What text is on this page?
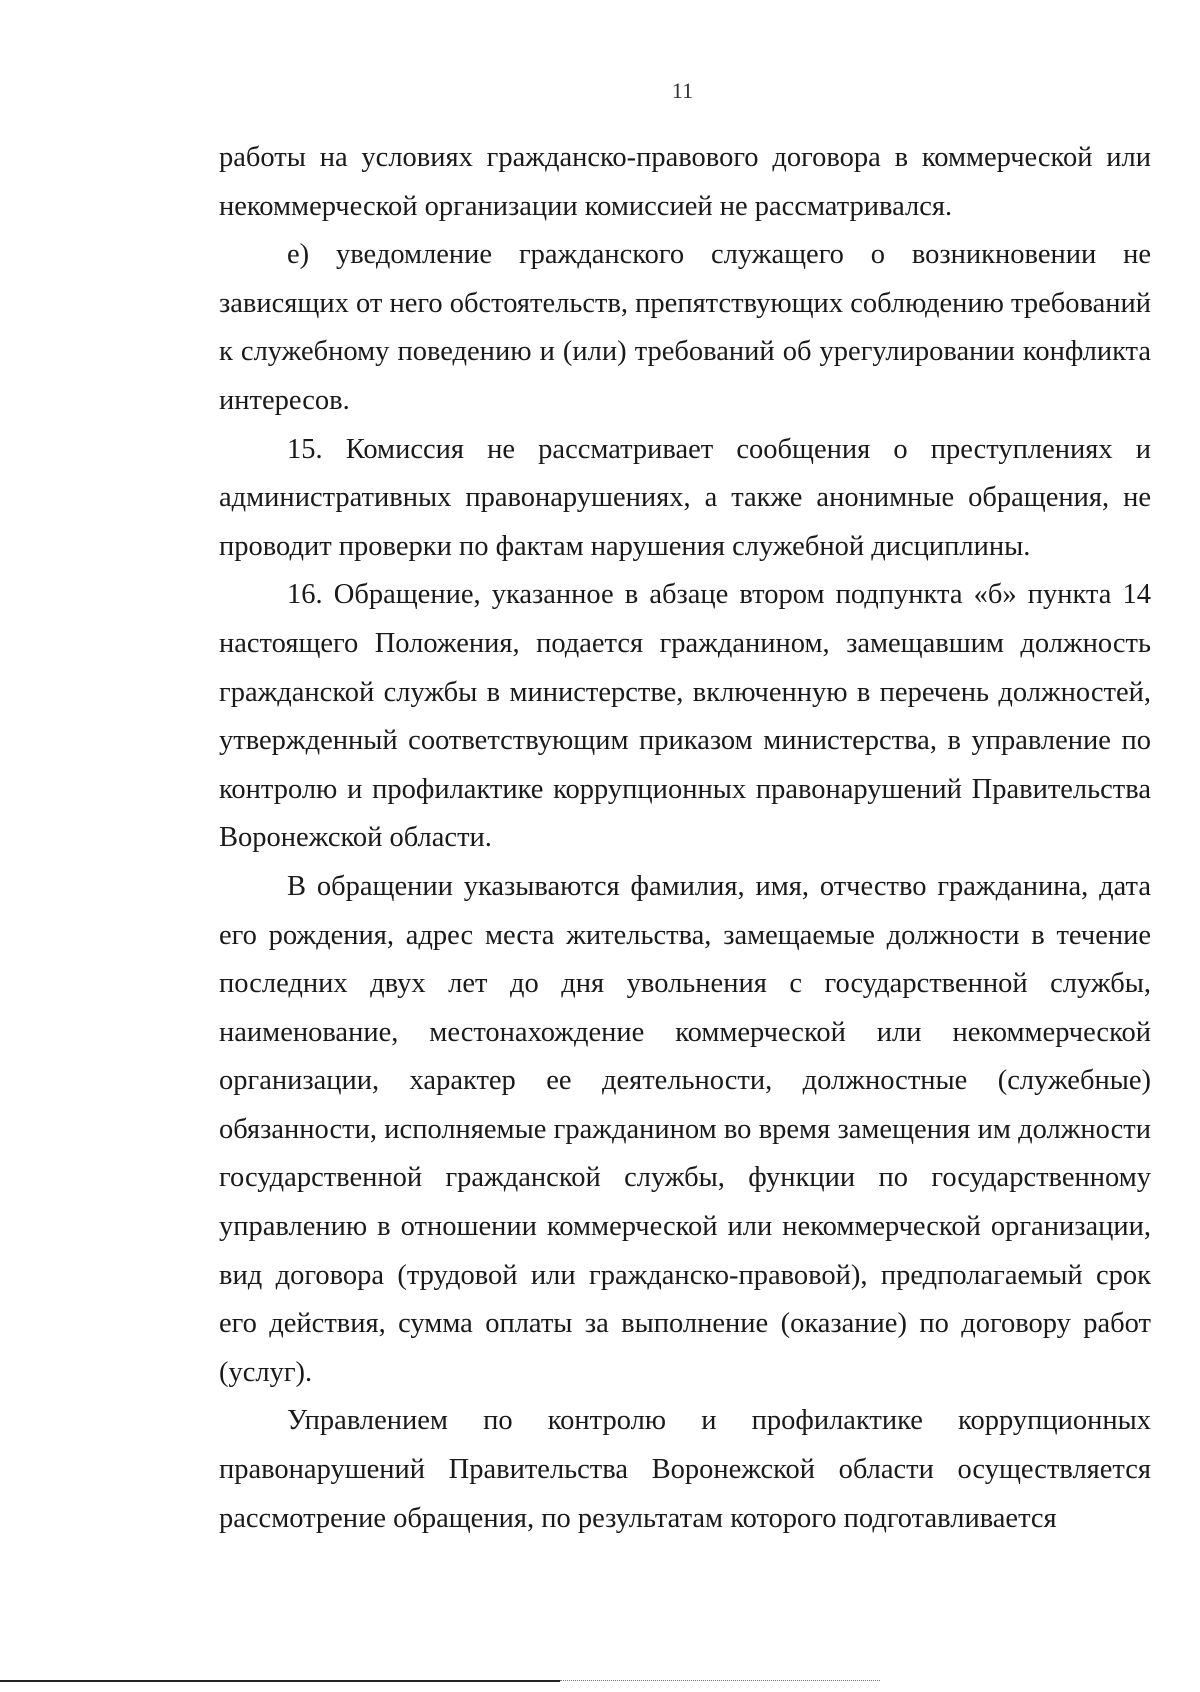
11

работы на условиях гражданско-правового договора в коммерческой или некоммерческой организации комиссией не рассматривался.

е) уведомление гражданского служащего о возникновении не зависящих от него обстоятельств, препятствующих соблюдению требований к служебному поведению и (или) требований об урегулировании конфликта интересов.

15. Комиссия не рассматривает сообщения о преступлениях и административных правонарушениях, а также анонимные обращения, не проводит проверки по фактам нарушения служебной дисциплины.

16. Обращение, указанное в абзаце втором подпункта «б» пункта 14 настоящего Положения, подается гражданином, замещавшим должность гражданской службы в министерстве, включенную в перечень должностей, утвержденный соответствующим приказом министерства, в управление по контролю и профилактике коррупционных правонарушений Правительства Воронежской области.

В обращении указываются фамилия, имя, отчество гражданина, дата его рождения, адрес места жительства, замещаемые должности в течение последних двух лет до дня увольнения с государственной службы, наименование, местонахождение коммерческой или некоммерческой организации, характер ее деятельности, должностные (служебные) обязанности, исполняемые гражданином во время замещения им должности государственной гражданской службы, функции по государственному управлению в отношении коммерческой или некоммерческой организации, вид договора (трудовой или гражданско-правовой), предполагаемый срок его действия, сумма оплаты за выполнение (оказание) по договору работ (услуг).

Управлением по контролю и профилактике коррупционных правонарушений Правительства Воронежской области осуществляется рассмотрение обращения, по результатам которого подготавливается
